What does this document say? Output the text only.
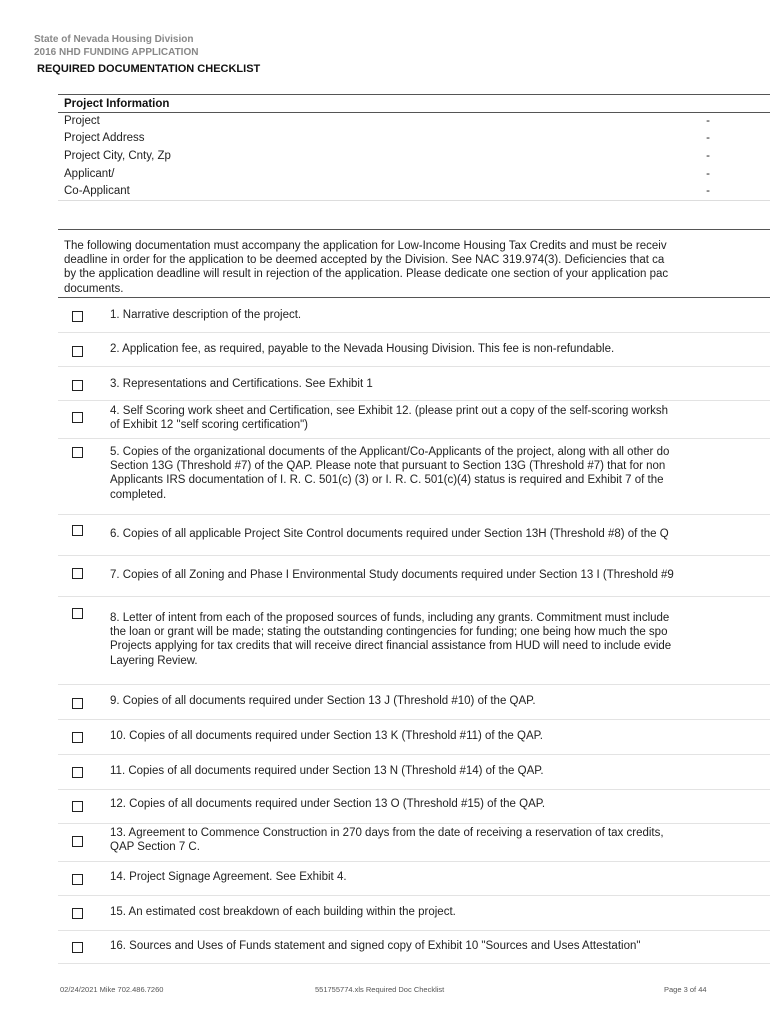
State of Nevada Housing Division
2016 NHD FUNDING APPLICATION
REQUIRED DOCUMENTATION CHECKLIST
Project Information
Project	-
Project Address	-
Project City, Cnty, Zp	-
Applicant/	-
Co-Applicant	-
The following documentation must accompany the application for Low-Income Housing Tax Credits and must be receiv
deadline in order for the application to be deemed accepted by the Division. See NAC 319.974(3). Deficiencies that ca
by the application deadline will result in rejection of the application. Please dedicate one section of your application pac
documents.
1. Narrative description of the project.
2. Application fee, as required, payable to the Nevada Housing Division. This fee is non-refundable.
3. Representations and Certifications. See Exhibit 1
4. Self Scoring work sheet and Certification, see Exhibit 12. (please print out a copy of the self-scoring worksh
of Exhibit 12 "self scoring certification")
5. Copies of the organizational documents of the Applicant/Co-Applicants of the project, along with all other do
Section 13G (Threshold #7) of the QAP. Please note that pursuant to Section 13G (Threshold #7) that for non
Applicants IRS documentation of I. R. C. 501(c) (3) or I. R. C. 501(c)(4) status is required and Exhibit 7 of the
completed.
6. Copies of all applicable Project Site Control documents required under Section 13H (Threshold #8) of the Q
7. Copies of all Zoning and Phase I Environmental Study documents required under Section 13 I (Threshold #9
8. Letter of intent from each of the proposed sources of funds, including any grants. Commitment must include
the loan or grant will be made; stating the outstanding contingencies for funding; one being how much the spo
Projects applying for tax credits that will receive direct financial assistance from HUD will need to include evide
Layering Review.
9. Copies of all documents required under Section 13 J (Threshold #10) of the QAP.
10. Copies of all documents required under Section 13 K (Threshold #11) of the QAP.
11. Copies of all documents required under Section 13 N (Threshold #14) of the QAP.
12. Copies of all documents required under Section 13 O (Threshold #15) of the QAP.
13. Agreement to Commence Construction in 270 days from the date of receiving a reservation of tax credits,
QAP Section 7 C.
14. Project Signage Agreement. See Exhibit 4.
15. An estimated cost breakdown of each building within the project.
16. Sources and Uses of Funds statement and signed copy of Exhibit 10 "Sources and Uses Attestation"
02/24/2021 Mike 702.486.7260	551755774.xls Required Doc Checklist	Page 3 of 44
